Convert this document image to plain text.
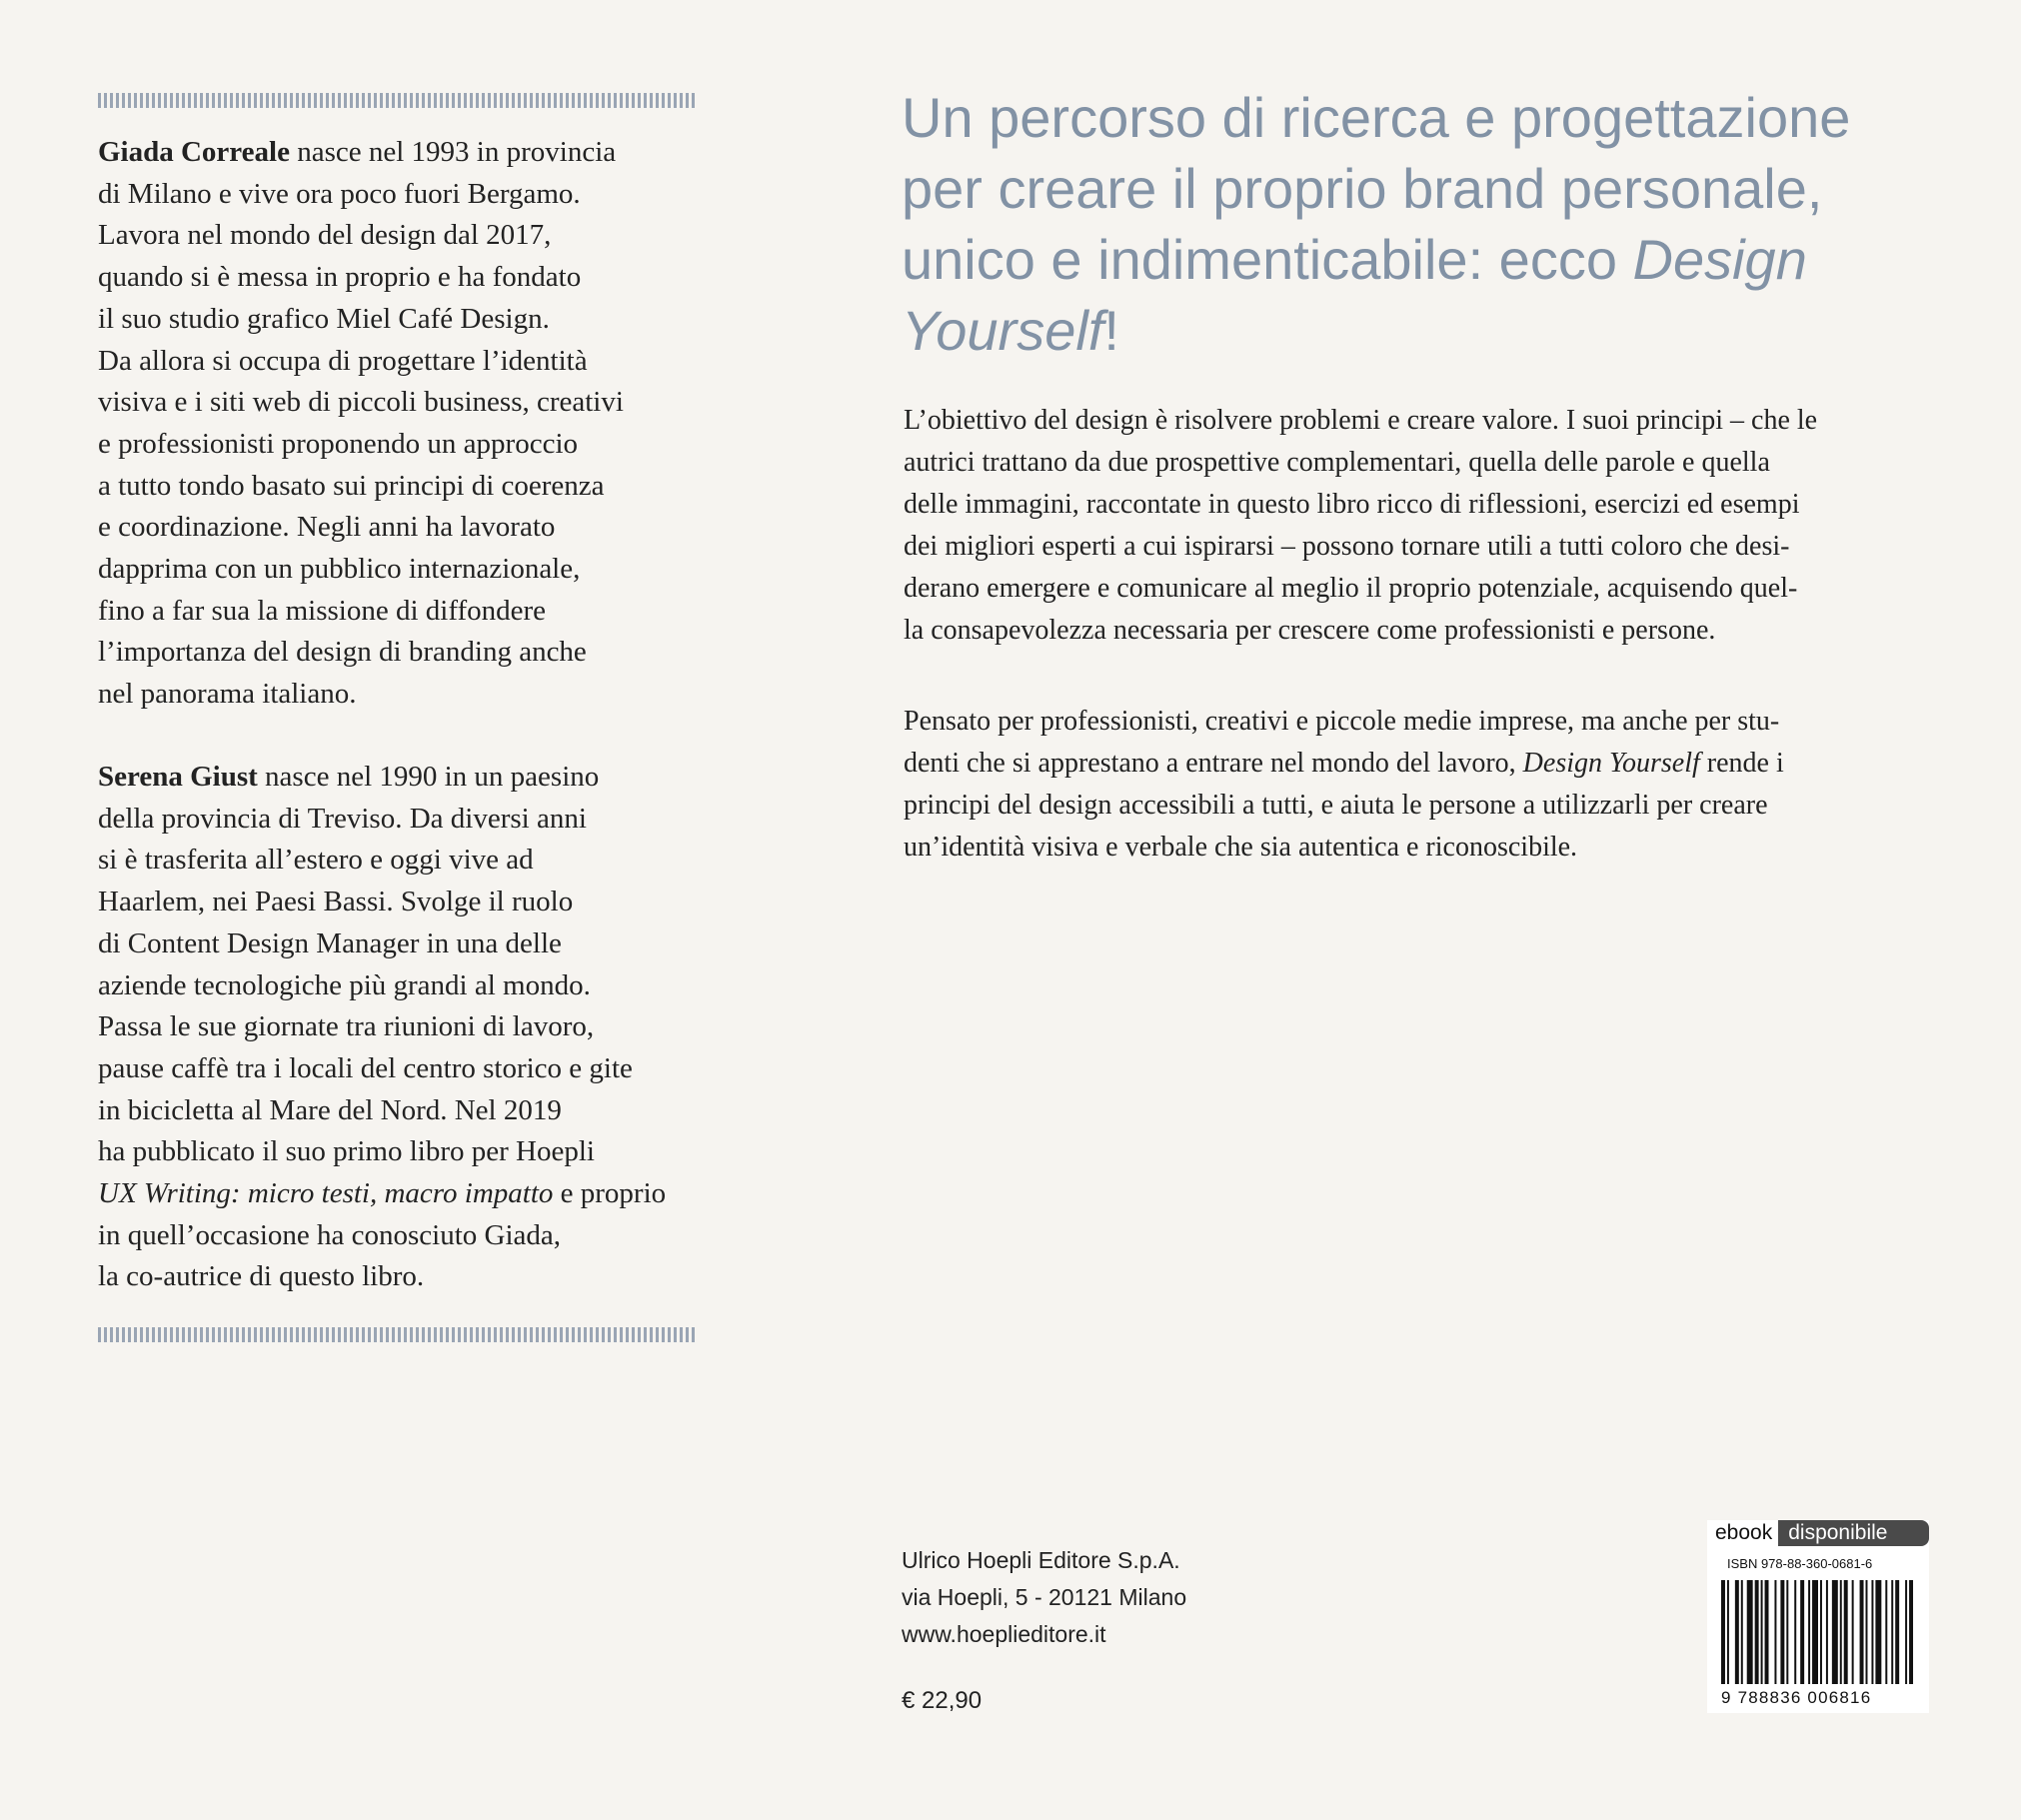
Giada Correale nasce nel 1993 in provincia
di Milano e vive ora poco fuori Bergamo.
Lavora nel mondo del design dal 2017,
quando si è messa in proprio e ha fondato
il suo studio grafico Miel Café Design.
Da allora si occupa di progettare l’identità
visiva e i siti web di piccoli business, creativi
e professionisti proponendo un approccio
a tutto tondo basato sui principi di coerenza
e coordinazione. Negli anni ha lavorato
dapprima con un pubblico internazionale,
fino a far sua la missione di diffondere
l’importanza del design di branding anche
nel panorama italiano.
Serena Giust nasce nel 1990 in un paesino
della provincia di Treviso. Da diversi anni
si è trasferita all’estero e oggi vive ad
Haarlem, nei Paesi Bassi. Svolge il ruolo
di Content Design Manager in una delle
aziende tecnologiche più grandi al mondo.
Passa le sue giornate tra riunioni di lavoro,
pause caffè tra i locali del centro storico e gite
in bicicletta al Mare del Nord. Nel 2019
ha pubblicato il suo primo libro per Hoepli
UX Writing: micro testi, macro impatto e proprio
in quell’occasione ha conosciuto Giada,
la co-autrice di questo libro.
Un percorso di ricerca e progettazione
per creare il proprio brand personale,
unico e indimenticabile: ecco Design
Yourself!

L’obiettivo del design è risolvere problemi e creare valore. I suoi principi – che le
autrici trattano da due prospettive complementari, quella delle parole e quella
delle immagini, raccontate in questo libro ricco di riflessioni, esercizi ed esempi
dei migliori esperti a cui ispirarsi – possono tornare utili a tutti coloro che desi-
derano emergere e comunicare al meglio il proprio potenziale, acquisendo quel-
la consapevolezza necessaria per crescere come professionisti e persone.

Pensato per professionisti, creativi e piccole medie imprese, ma anche per stu-
denti che si apprestano a entrare nel mondo del lavoro, Design Yourself rende i
principi del design accessibili a tutti, e aiuta le persone a utilizzarli per creare
un’identità visiva e verbale che sia autentica e riconoscibile.

Ulrico Hoepli Editore S.p.A.
via Hoepli, 5 - 20121 Milano
www.hoeplieditore.it
€ 22,90
ebook disponibile
ISBN 978-88-360-0681-6
9 788836 006816
